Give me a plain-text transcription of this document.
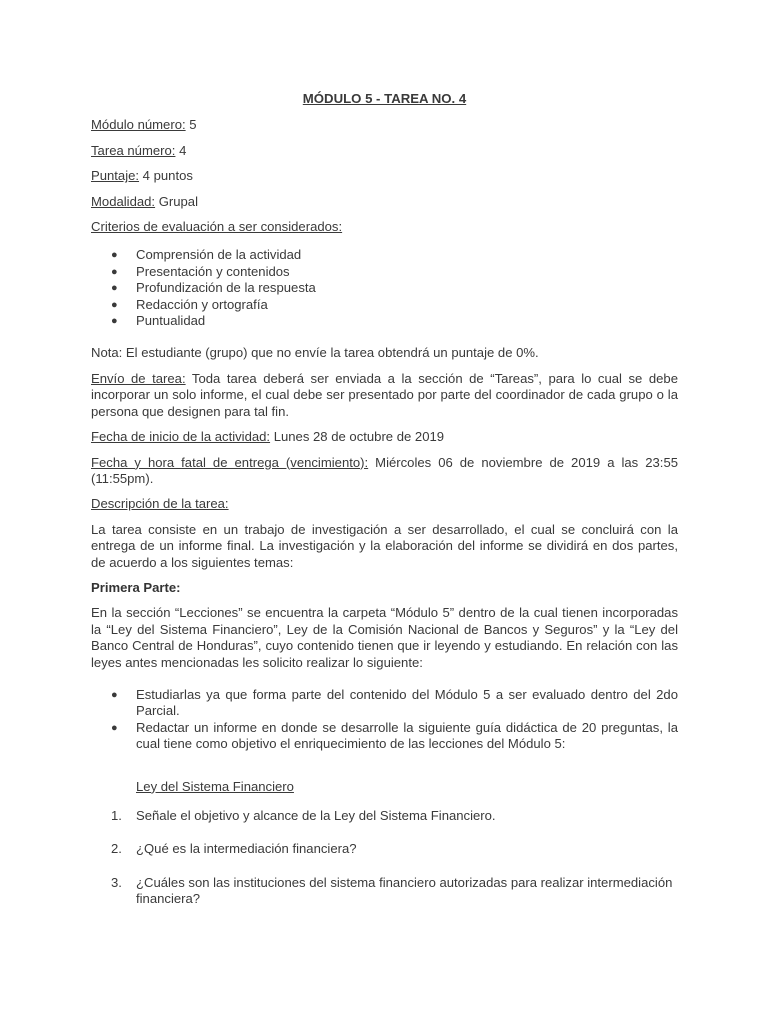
MÓDULO 5 - TAREA NO. 4
Módulo número: 5
Tarea número: 4
Puntaje: 4 puntos
Modalidad: Grupal
Criterios de evaluación a ser considerados:
● Comprensión de la actividad
● Presentación y contenidos
● Profundización de la respuesta
● Redacción y ortografía
● Puntualidad

Nota: El estudiante (grupo) que no envíe la tarea obtendrá un puntaje de 0%.

Envío de tarea: Toda tarea deberá ser enviada a la sección de “Tareas”, para lo cual se debe incorporar un solo informe, el cual debe ser presentado por parte del coordinador de cada grupo o la persona que designen para tal fin.

Fecha de inicio de la actividad: Lunes 28 de octubre de 2019

Fecha y hora fatal de entrega (vencimiento): Miércoles 06 de noviembre de 2019 a las 23:55 (11:55pm).

Descripción de la tarea:

La tarea consiste en un trabajo de investigación a ser desarrollado, el cual se concluirá con la entrega de un informe final. La investigación y la elaboración del informe se dividirá en dos partes, de acuerdo a los siguientes temas:

Primera Parte:

En la sección “Lecciones” se encuentra la carpeta “Módulo 5” dentro de la cual tienen incorporadas la “Ley del Sistema Financiero”, Ley de la Comisión Nacional de Bancos y Seguros” y la “Ley del Banco Central de Honduras”, cuyo contenido tienen que ir leyendo y estudiando. En relación con las leyes antes mencionadas les solicito realizar lo siguiente:

● Estudiarlas ya que forma parte del contenido del Módulo 5 a ser evaluado dentro del 2do Parcial.
● Redactar un informe en donde se desarrolle la siguiente guía didáctica de 20 preguntas, la cual tiene como objetivo el enriquecimiento de las lecciones del Módulo 5:
Ley del Sistema Financiero
1. Señale el objetivo y alcance de la Ley del Sistema Financiero.
2. ¿Qué es la intermediación financiera?
3. ¿Cuáles son las instituciones del sistema financiero autorizadas para realizar intermediación financiera?
